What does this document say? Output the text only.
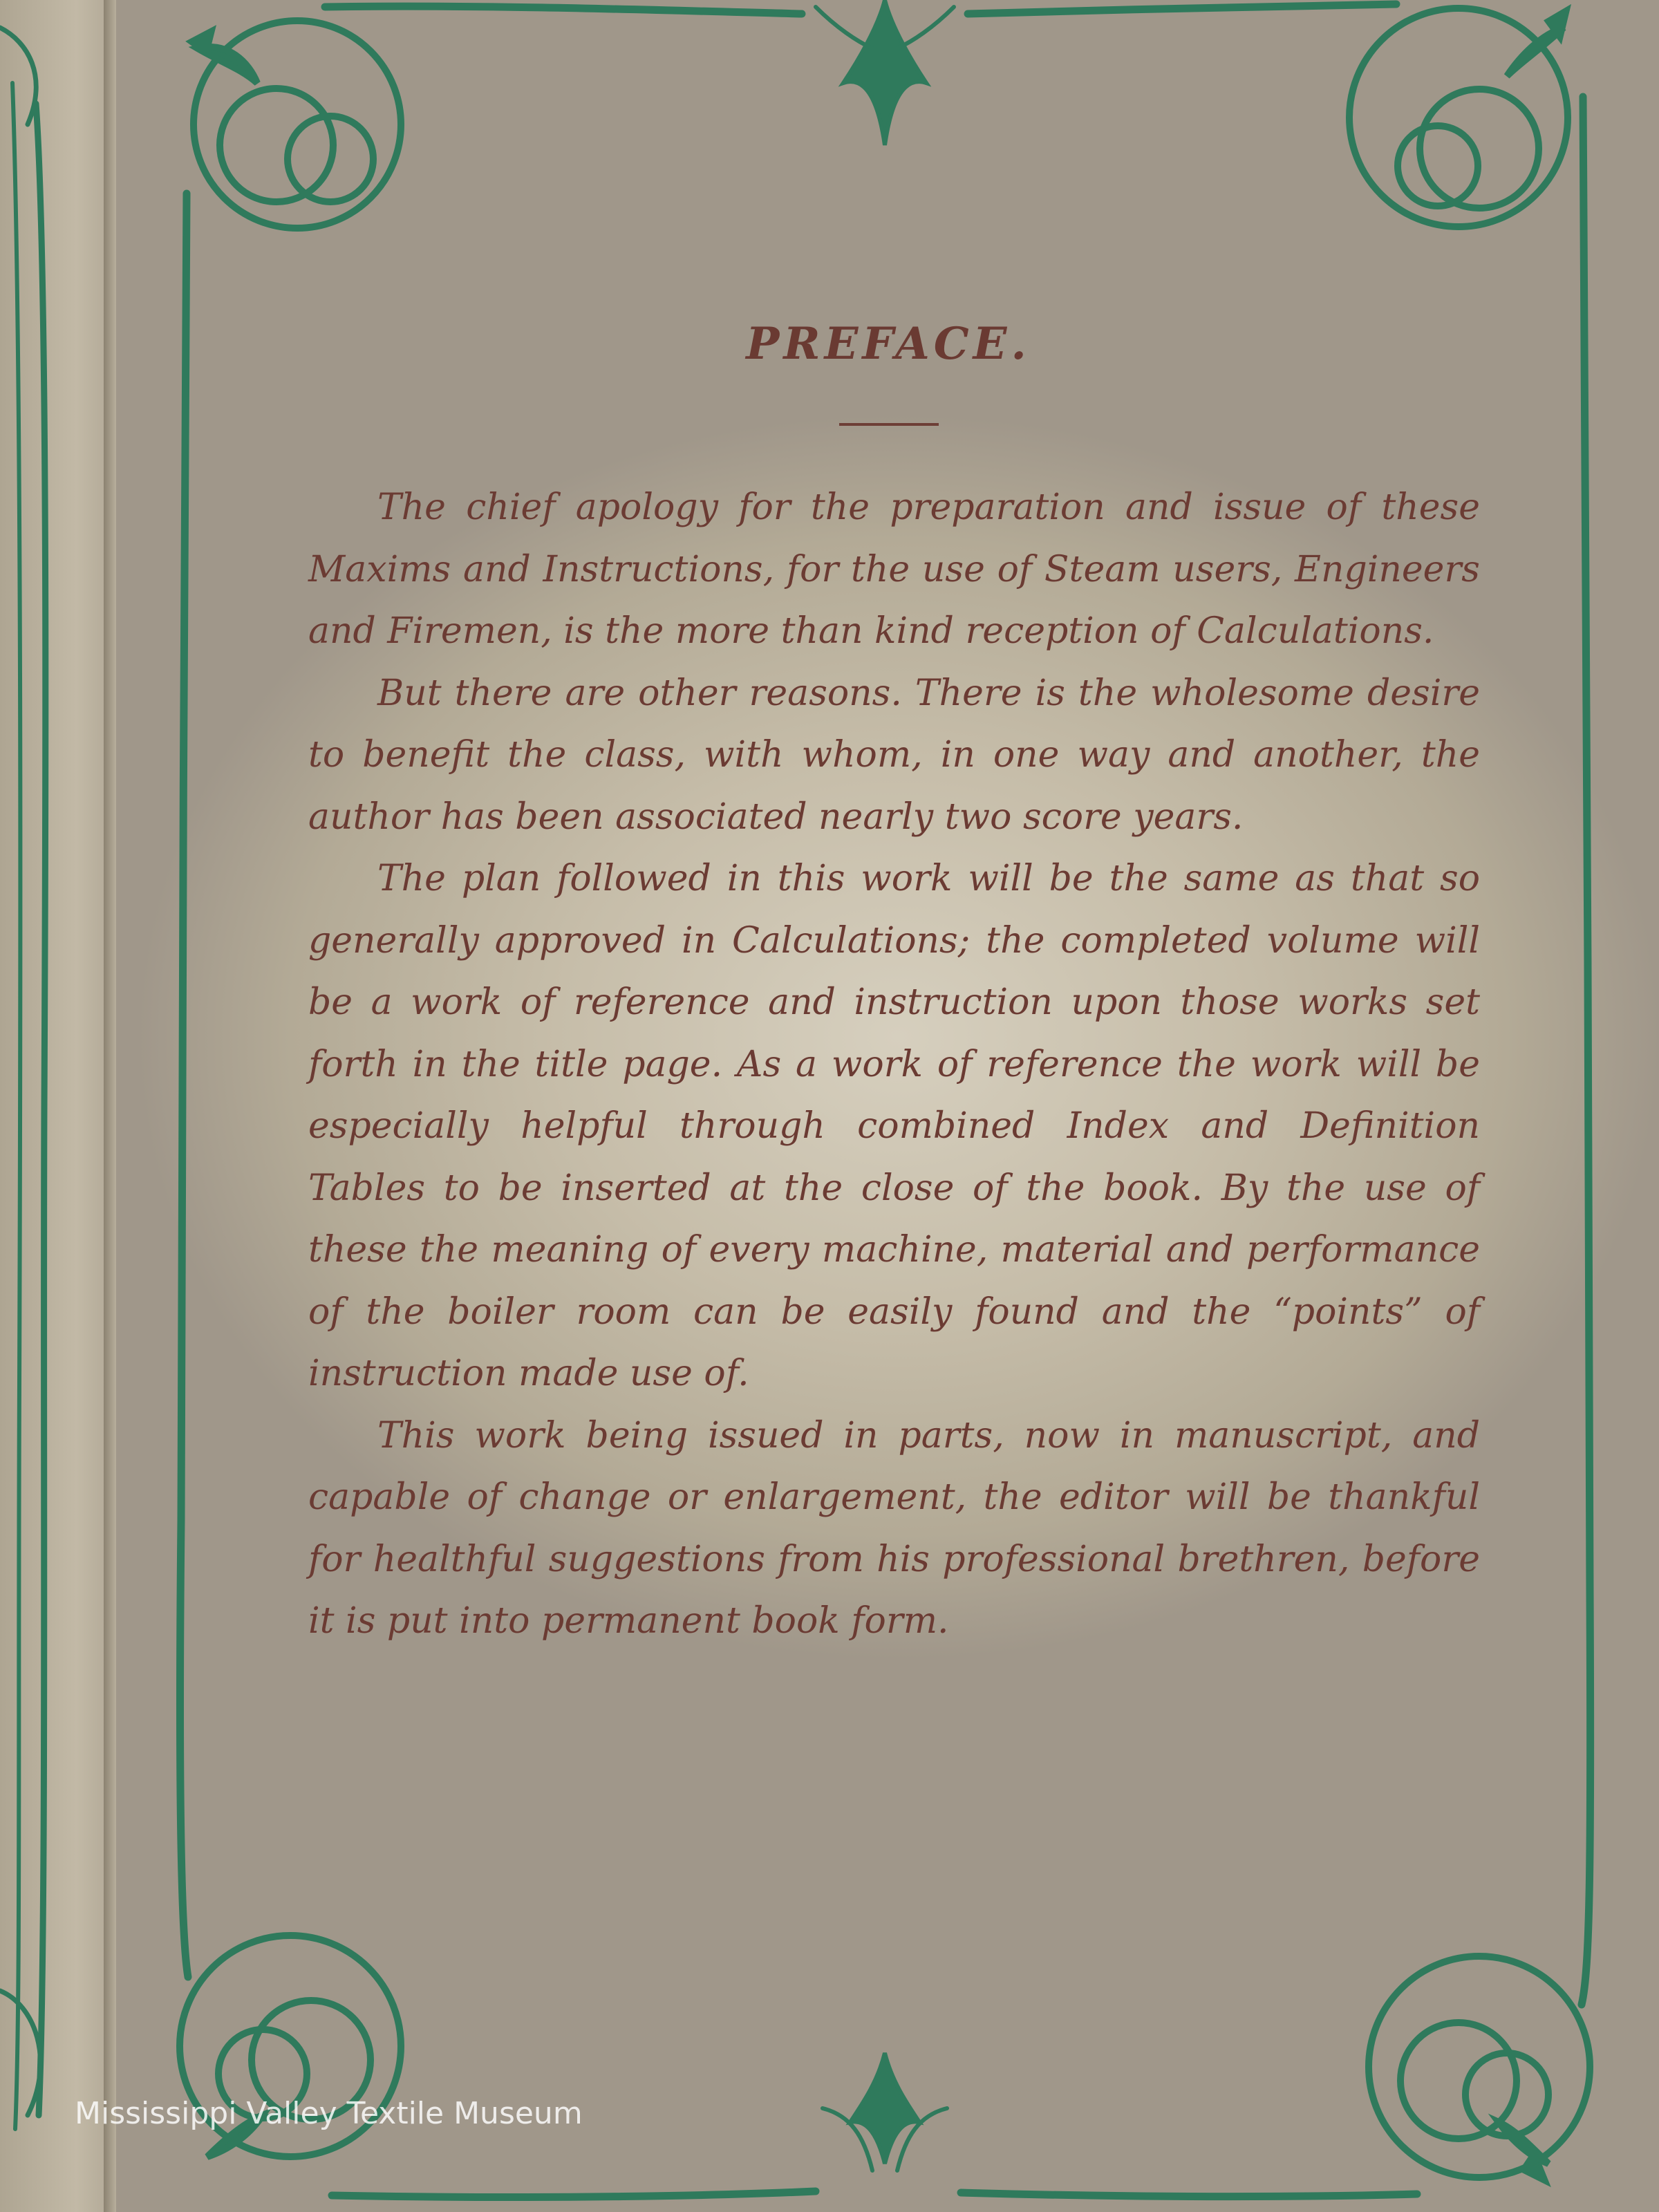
PREFACE.

The chief apology for the preparation and issue of these Maxims and Instructions, for the use of Steam users, Engineers and Firemen, is the more than kind reception of Calculations.

But there are other reasons. There is the wholesome desire to benefit the class, with whom, in one way and another, the author has been associated nearly two score years.

The plan followed in this work will be the same as that so generally approved in Calculations; the completed volume will be a work of reference and instruction upon those works set forth in the title page. As a work of reference the work will be especially helpful through combined Index and Definition Tables to be inserted at the close of the book. By the use of these the meaning of every machine, material and performance of the boiler room can be easily found and the “points” of instruction made use of.

This work being issued in parts, now in manuscript, and capable of change or enlargement, the editor will be thankful for healthful suggestions from his professional brethren, before it is put into permanent book form.

Mississippi Valley Textile Museum
